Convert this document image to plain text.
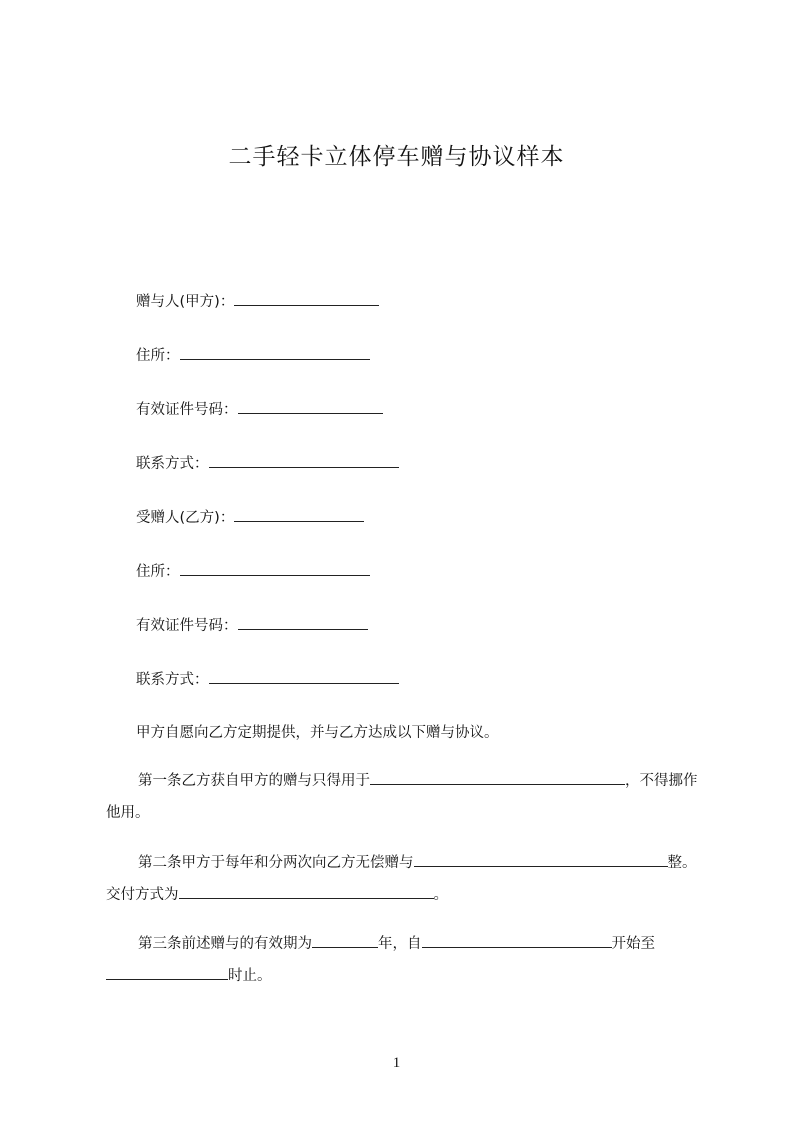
二手轻卡立体停车赠与协议样本
赠与人(甲方)：
住所：
有效证件号码：
联系方式：
受赠人(乙方)：
住所：
有效证件号码：
联系方式：
甲方自愿向乙方定期提供，并与乙方达成以下赠与协议。
第一条乙方获自甲方的赠与只得用于	，不得挪作他用。
第二条甲方于每年和分两次向乙方无偿赠与	整。交付方式为	。
第三条前述赠与的有效期为	年，自	开始至时止。
1
